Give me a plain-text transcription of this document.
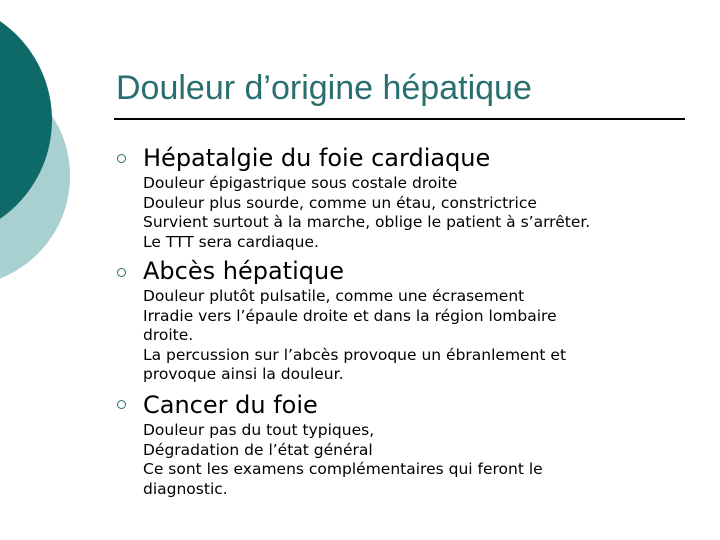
Douleur d’origine hépatique
Hépatalgie du foie cardiaque
Douleur épigastrique sous costale droite
Douleur plus sourde, comme un étau, constrictrice
Survient surtout à la marche, oblige le patient à s’arrêter.
Le TTT sera cardiaque.
Abcès hépatique
Douleur plutôt pulsatile, comme une écrasement
Irradie vers l’épaule droite et dans la région lombaire
droite.
La percussion sur l’abcès provoque un ébranlement et
provoque ainsi la douleur.
Cancer du foie
Douleur pas du tout typiques,
Dégradation de l’état général
Ce sont les examens complémentaires qui feront le
diagnostic.
